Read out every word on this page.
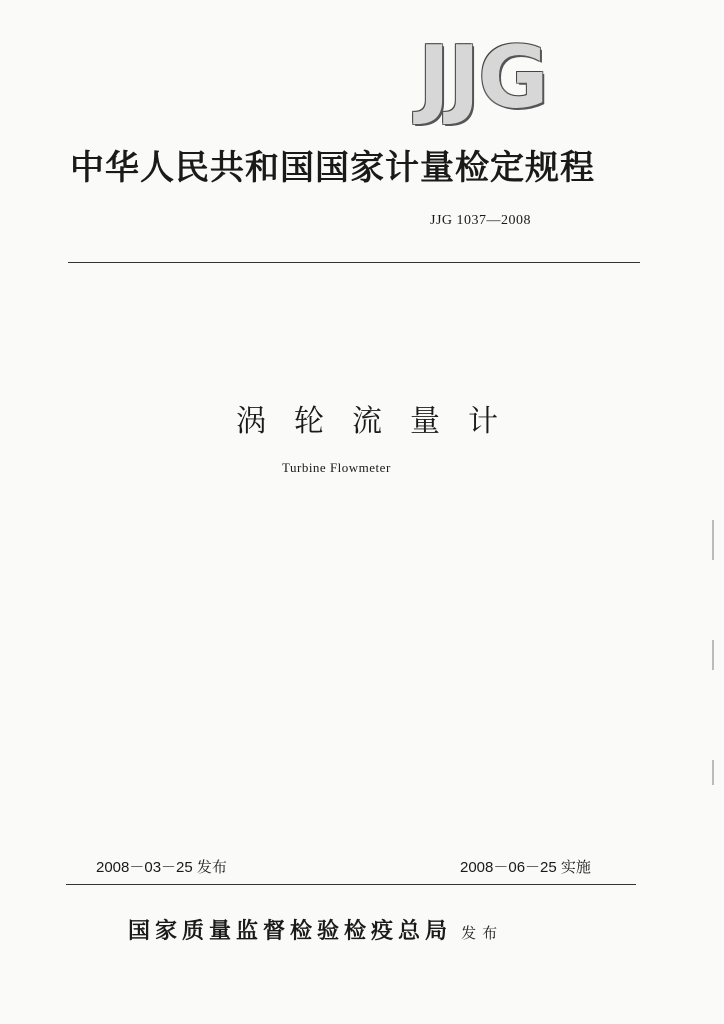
JJG
中华人民共和国国家计量检定规程
JJG 1037—2008
涡轮流量计
Turbine Flowmeter
2008－03－25 发布	2008－06－25 实施
国家质量监督检验检疫总局 发布
